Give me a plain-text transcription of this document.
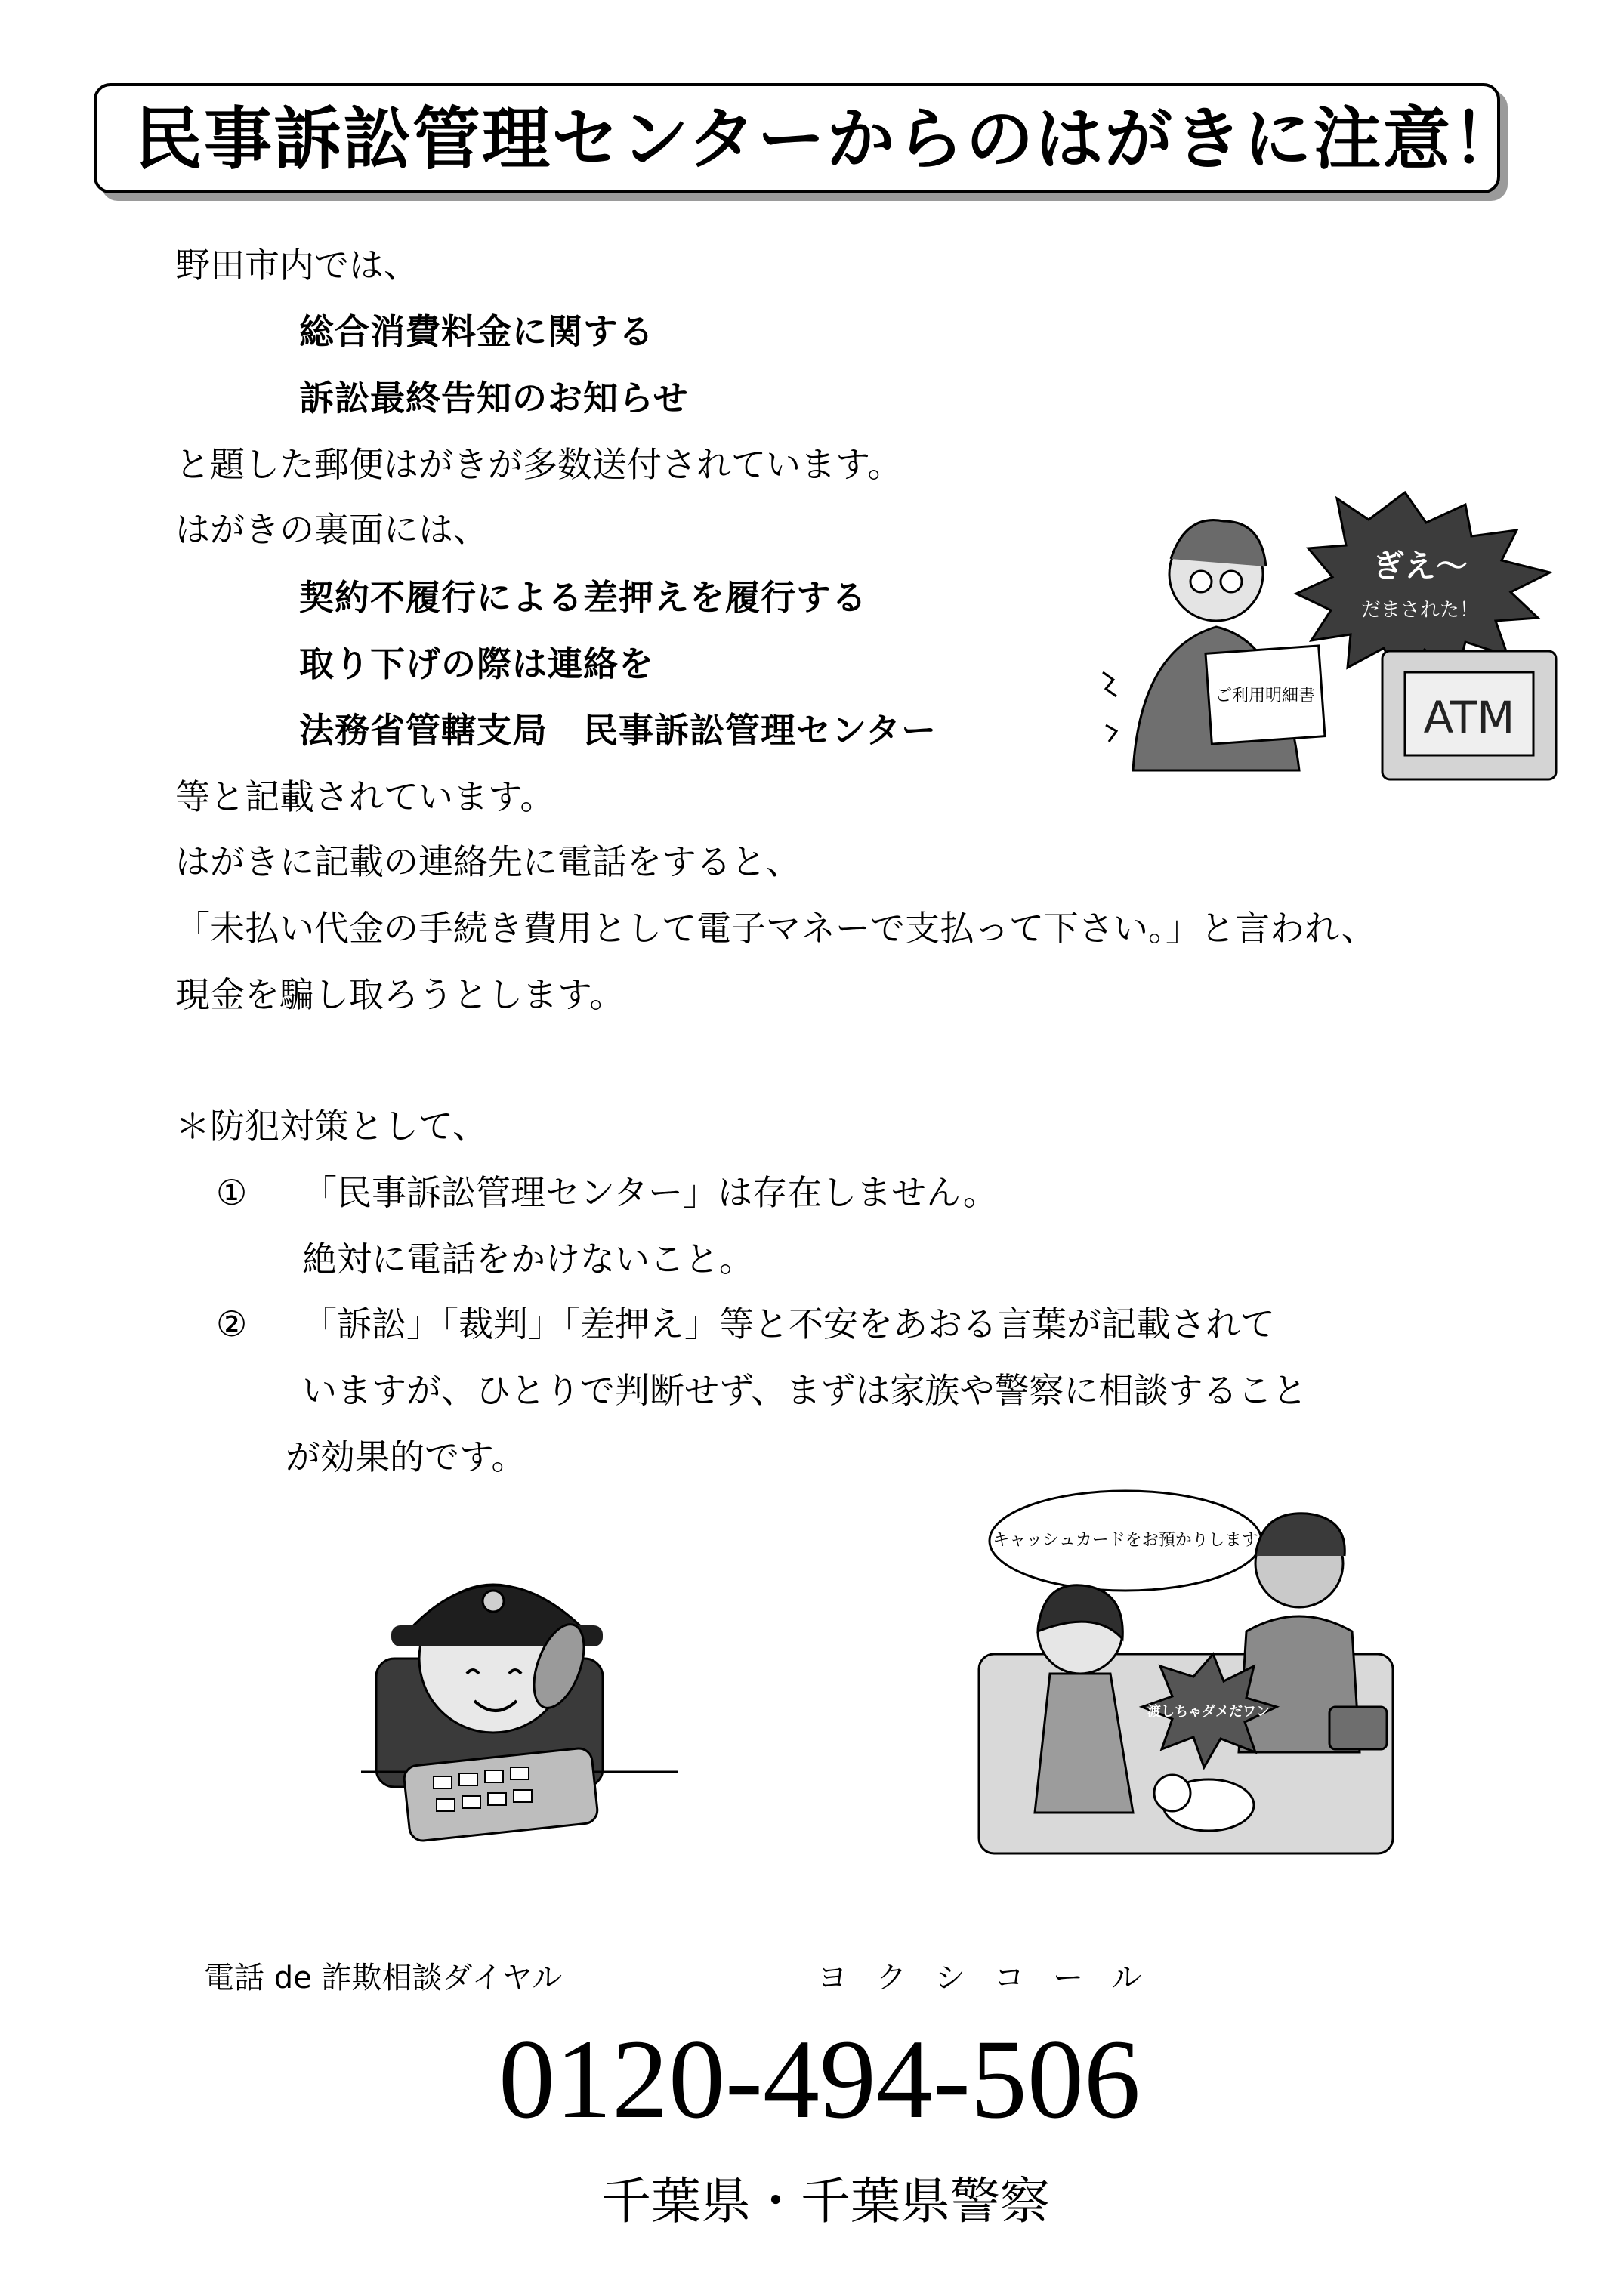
民事訴訟管理センターからのはがきに注意！
野田市内では、
総合消費料金に関する
訴訟最終告知のお知らせ
と題した郵便はがきが多数送付されています。
はがきの裏面には、
契約不履行による差押えを履行する
取り下げの際は連絡を
法務省管轄支局　民事訴訟管理センター
等と記載されています。
はがきに記載の連絡先に電話をすると、
「未払い代金の手続き費用として電子マネーで支払って下さい。」と言われ、
現金を騙し取ろうとします。
＊防犯対策として、
① 「民事訴訟管理センター」は存在しません。
絶対に電話をかけないこと。
② 「訴訟」「裁判」「差押え」等と不安をあおる言葉が記載されて
いますが、ひとりで判断せず、まずは家族や警察に相談すること
が効果的です。
ぎえ～
だまされた！
ATM
ご利用明細書
キャッシュカードをお預かりします
渡しちゃダメだワン
電話 de 詐欺相談ダイヤル	ヨクシコール
0120-494-506
千葉県・千葉県警察
